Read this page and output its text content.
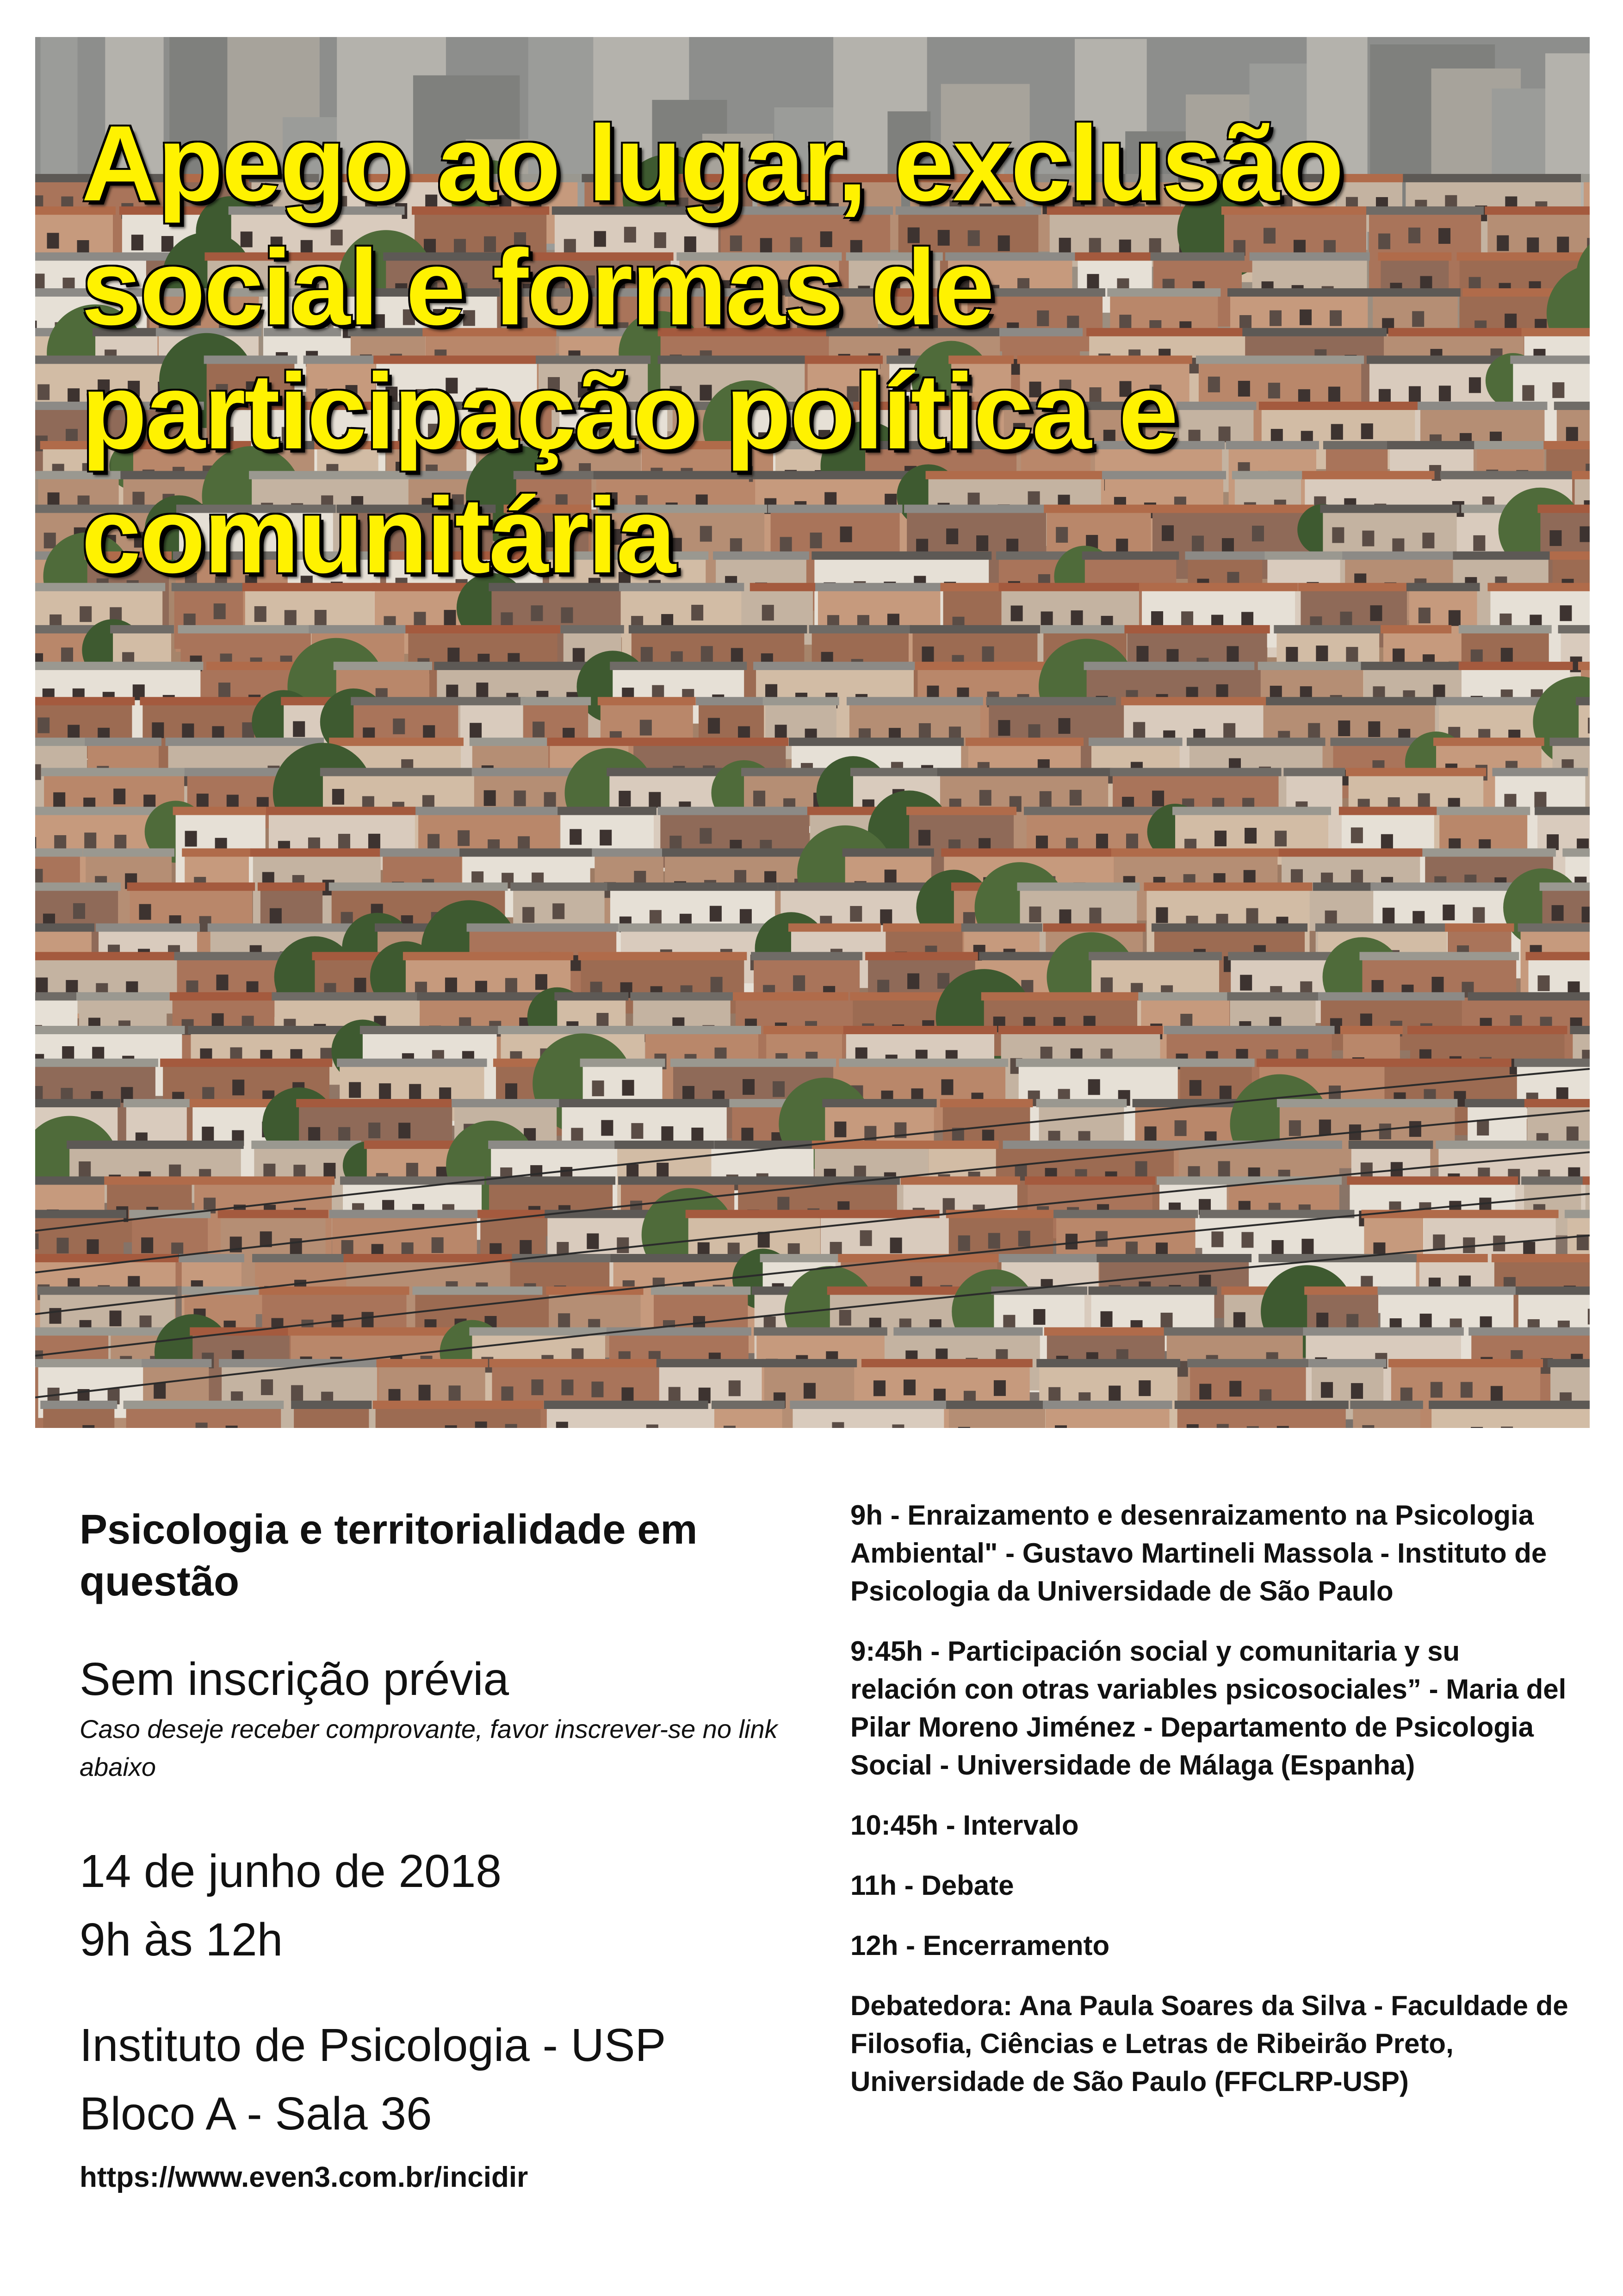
Apego ao lugar, exclusão social e formas de participação política e comunitária
Psicologia e territorialidade em questão

Sem inscrição prévia

Caso deseje receber comprovante, favor inscrever-se no link abaixo

14 de junho de 2018
9h às 12h
Instituto de Psicologia - USP
Bloco A - Sala 36
https://www.even3.com.br/incidir

9h - Enraizamento e desenraizamento na Psicologia Ambiental" - Gustavo Martineli Massola - Instituto de Psicologia da Universidade de São Paulo

9:45h - Participación social y comunitaria y su relación con otras variables psicosociales” - Maria del Pilar Moreno Jiménez - Departamento de Psicologia Social - Universidade de Málaga (Espanha)

10:45h - Intervalo

11h - Debate

12h - Encerramento

Debatedora: Ana Paula Soares da Silva - Faculdade de Filosofia, Ciências e Letras de Ribeirão Preto, Universidade de São Paulo (FFCLRP-USP)
